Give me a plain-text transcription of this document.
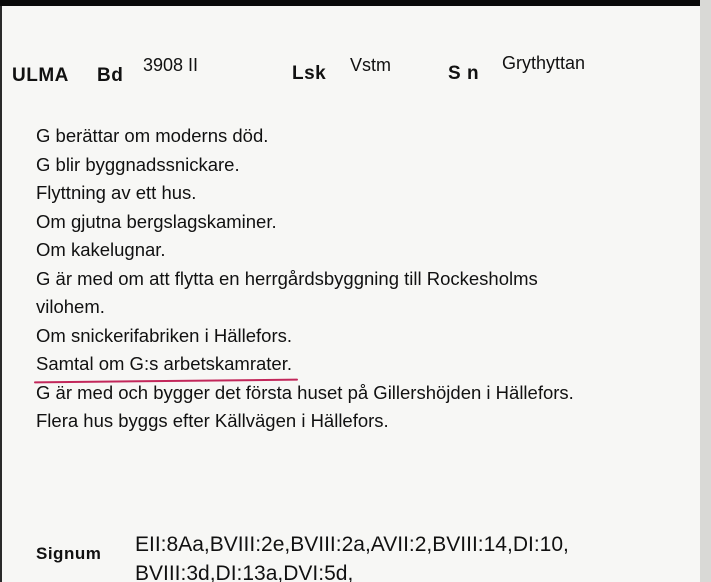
ULMA Bd 3908 II	Lsk Vstm	S n Grythyttan
G berättar om moderns död.
G blir byggnadssnickare.
Flyttning av ett hus.
Om gjutna bergslagskaminer.
Om kakelugnar.
G är med om att flytta en herrgårdsbyggning till Rockesholms
vilohem.
Om snickerifabriken i Hällefors.
Samtal om G:s arbetskamrater.
G är med och bygger det första huset på Gillershöjden i Hällefors.
Flera hus byggs efter Källvägen i Hällefors.
Signum EII:8Aa,BVIII:2e,BVIII:2a,AVII:2,BVIII:14,DI:10,
BVIII:3d,DI:13a,DVI:5d,
